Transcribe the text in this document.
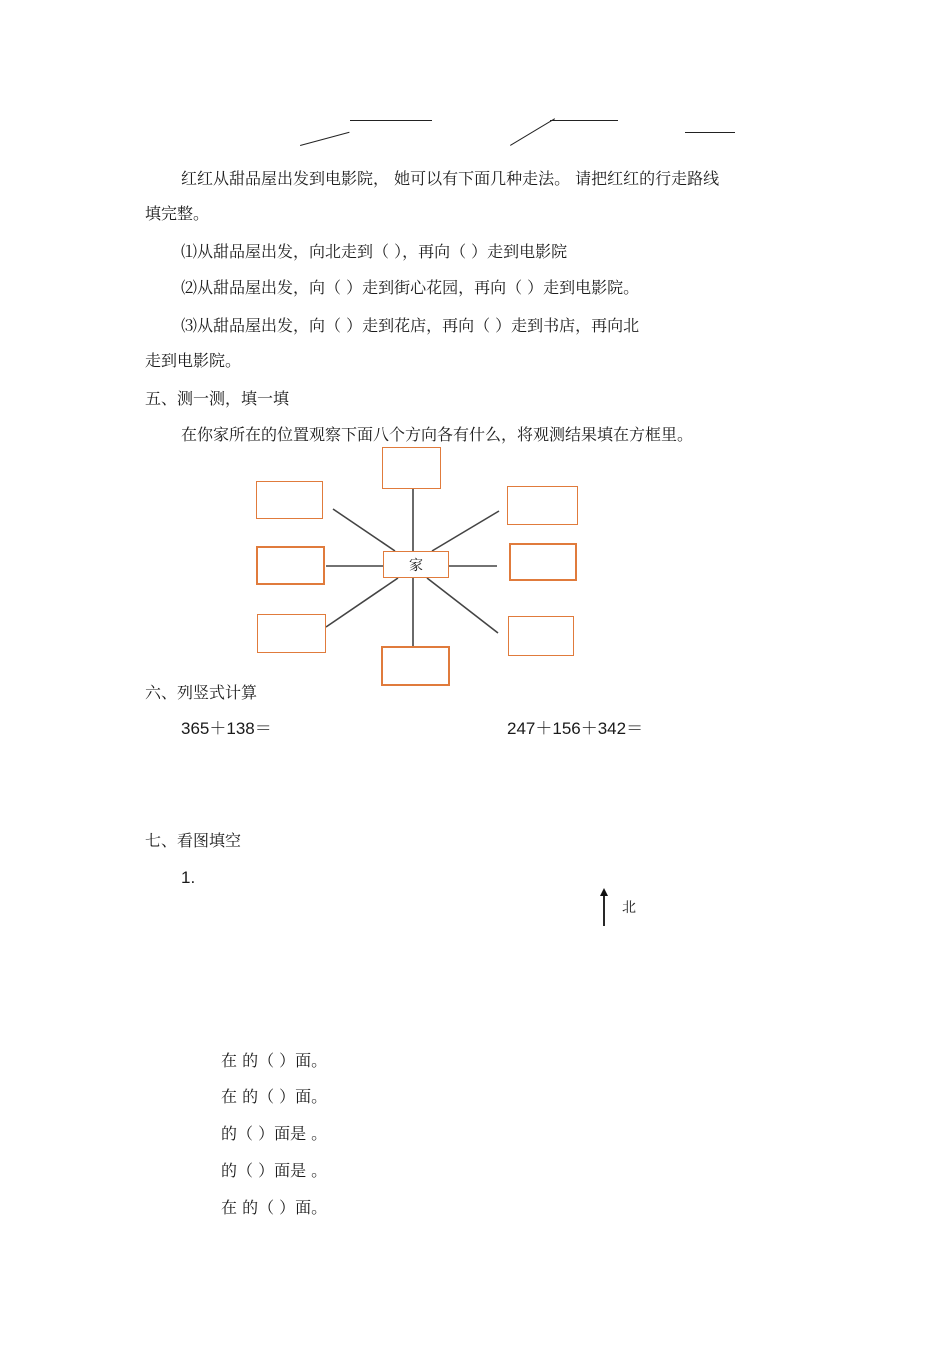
红红从甜品屋出发到电影院， 她可以有下面几种走法。 请把红红的行走路线
填完整。
⑴从甜品屋出发，向北走到（ ），再向（ ）走到电影院
⑵从甜品屋出发，向（ ）走到街心花园，再向（ ）走到电影院。
⑶从甜品屋出发，向（ ）走到花店，再向（ ）走到书店，再向北
走到电影院。
五、测一测，填一填
在你家所在的位置观察下面八个方向各有什么，将观测结果填在方框里。
家
六、列竖式计算
365＋138＝	247＋156＋342＝
七、看图填空
1.
北
在 的（ ）面。
在 的（ ）面。
的（ ）面是 。
的（ ）面是 。
在 的（ ）面。
